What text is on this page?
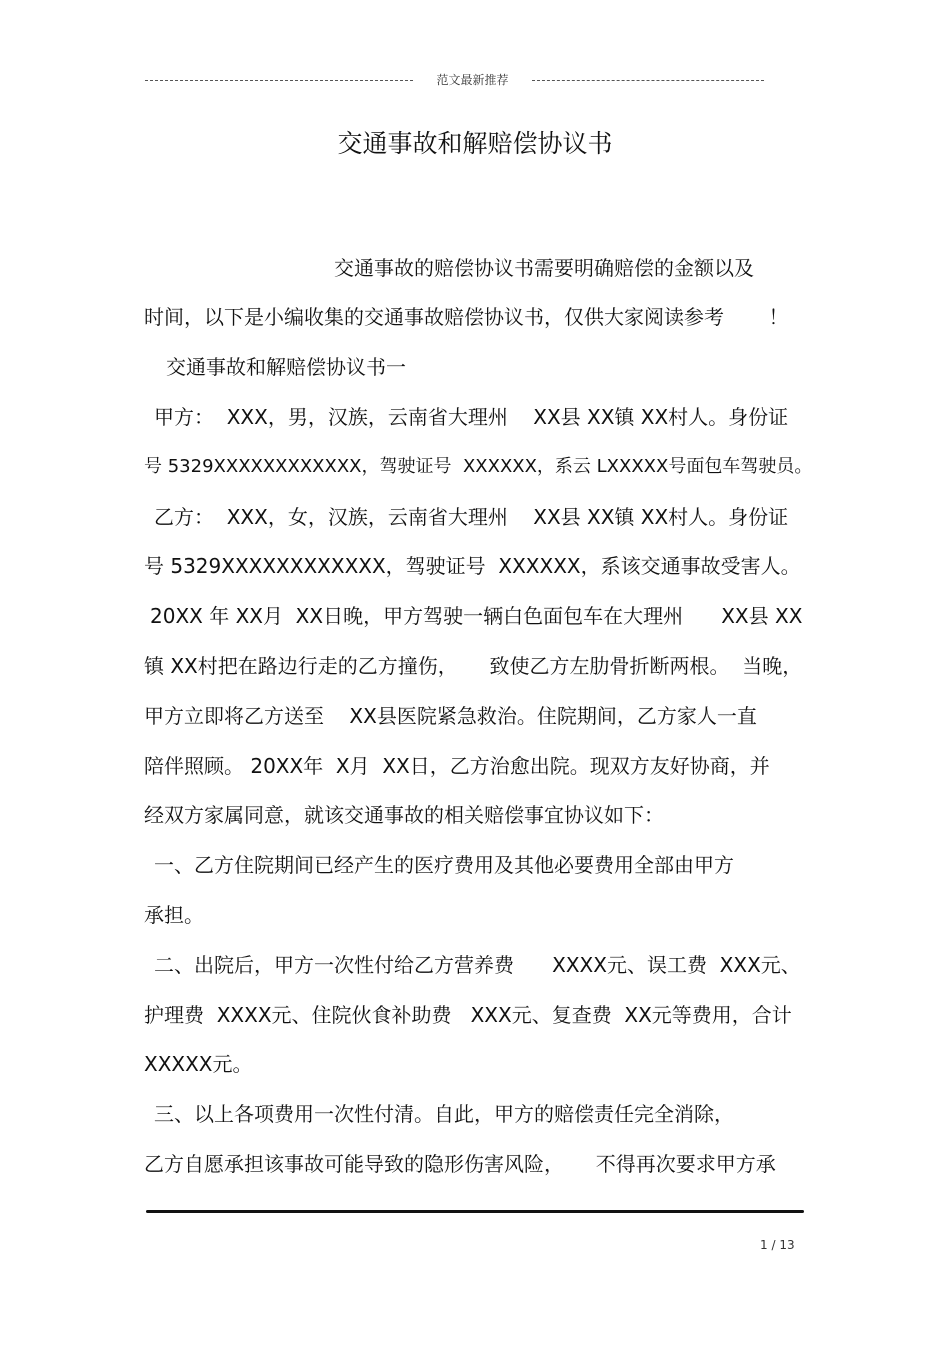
范文最新推荐
交通事故和解赔偿协议书
交通事故的赔偿协议书需要明确赔偿的金额以及
时间，以下是小编收集的交通事故赔偿协议书，仅供大家阅读参考       ！
交通事故和解赔偿协议书一
甲方：  XXX，男，汉族，云南省大理州    XX县 XX镇 XX村人。身份证
号 5329XXXXXXXXXXXX，驾驶证号  XXXXXX，系云 LXXXXX号面包车驾驶员。
乙方：  XXX，女，汉族，云南省大理州    XX县 XX镇 XX村人。身份证
号 5329XXXXXXXXXXXX，驾驶证号  XXXXXX，系该交通事故受害人。
20XX 年 XX月  XX日晚，甲方驾驶一辆白色面包车在大理州      XX县 XX
镇 XX村把在路边行走的乙方撞伤，     致使乙方左肋骨折断两根。  当晚，
甲方立即将乙方送至    XX县医院紧急救治。住院期间，乙方家人一直
陪伴照顾。 20XX年  X月  XX日，乙方治愈出院。现双方友好协商，并
经双方家属同意，就该交通事故的相关赔偿事宜协议如下：
一、乙方住院期间已经产生的医疗费用及其他必要费用全部由甲方
承担。
二、出院后，甲方一次性付给乙方营养费      XXXX元、误工费  XXX元、
护理费  XXXX元、住院伙食补助费   XXX元、复查费  XX元等费用，合计
XXXXX元。
三、以上各项费用一次性付清。自此，甲方的赔偿责任完全消除，
乙方自愿承担该事故可能导致的隐形伤害风险，     不得再次要求甲方承
1 / 13
